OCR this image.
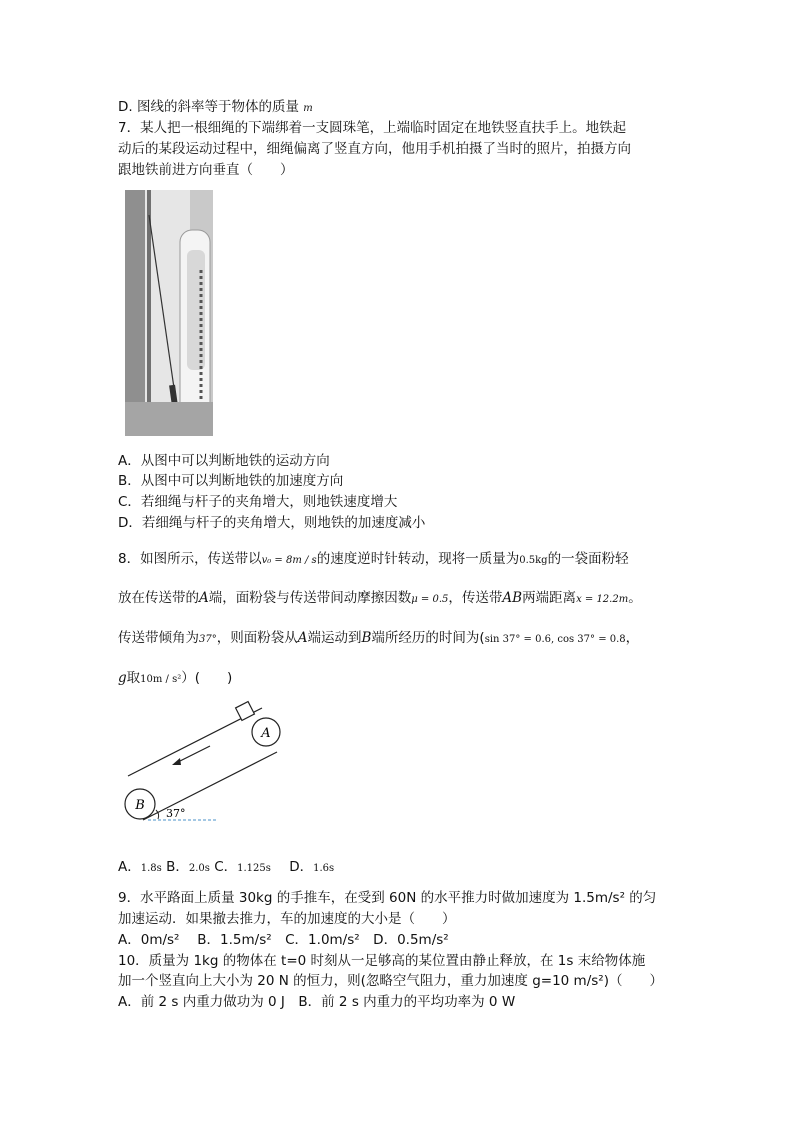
D. 图线的斜率等于物体的质量 m
7．某人把一根细绳的下端绑着一支圆珠笔，上端临时固定在地铁竖直扶手上。地铁起
动后的某段运动过程中，细绳偏离了竖直方向，他用手机拍摄了当时的照片，拍摄方向
跟地铁前进方向垂直（　　）
A．从图中可以判断地铁的运动方向
B．从图中可以判断地铁的加速度方向
C．若细绳与杆子的夹角增大，则地铁速度增大
D．若细绳与杆子的夹角增大，则地铁的加速度减小
8．如图所示，传送带以v₀ = 8m / s的速度逆时针转动，现将一质量为0.5kg的一袋面粉轻
放在传送带的A端，面粉袋与传送带间动摩擦因数μ = 0.5，传送带AB两端距离x = 12.2m。
传送带倾角为37°，则面粉袋从A端运动到B端所经历的时间为(sin 37° = 0.6, cos 37° = 0.8，
g取10m / s²）(　　)
A
B
37°
A．1.8s B．2.0s C．1.125s D．1.6s
9．水平路面上质量 30kg 的手推车，在受到 60N 的水平推力时做加速度为 1.5m/s² 的匀
加速运动．如果撤去推力，车的加速度的大小是（　　）
A．0m/s²　 B．1.5m/s²　C．1.0m/s²　D．0.5m/s²
10．质量为 1kg 的物体在 t=0 时刻从一足够高的某位置由静止释放，在 1s 末给物体施
加一个竖直向上大小为 20 N 的恒力，则(忽略空气阻力，重力加速度 g=10 m/s²)（　　）
A．前 2 s 内重力做功为 0 J　B．前 2 s 内重力的平均功率为 0 W
